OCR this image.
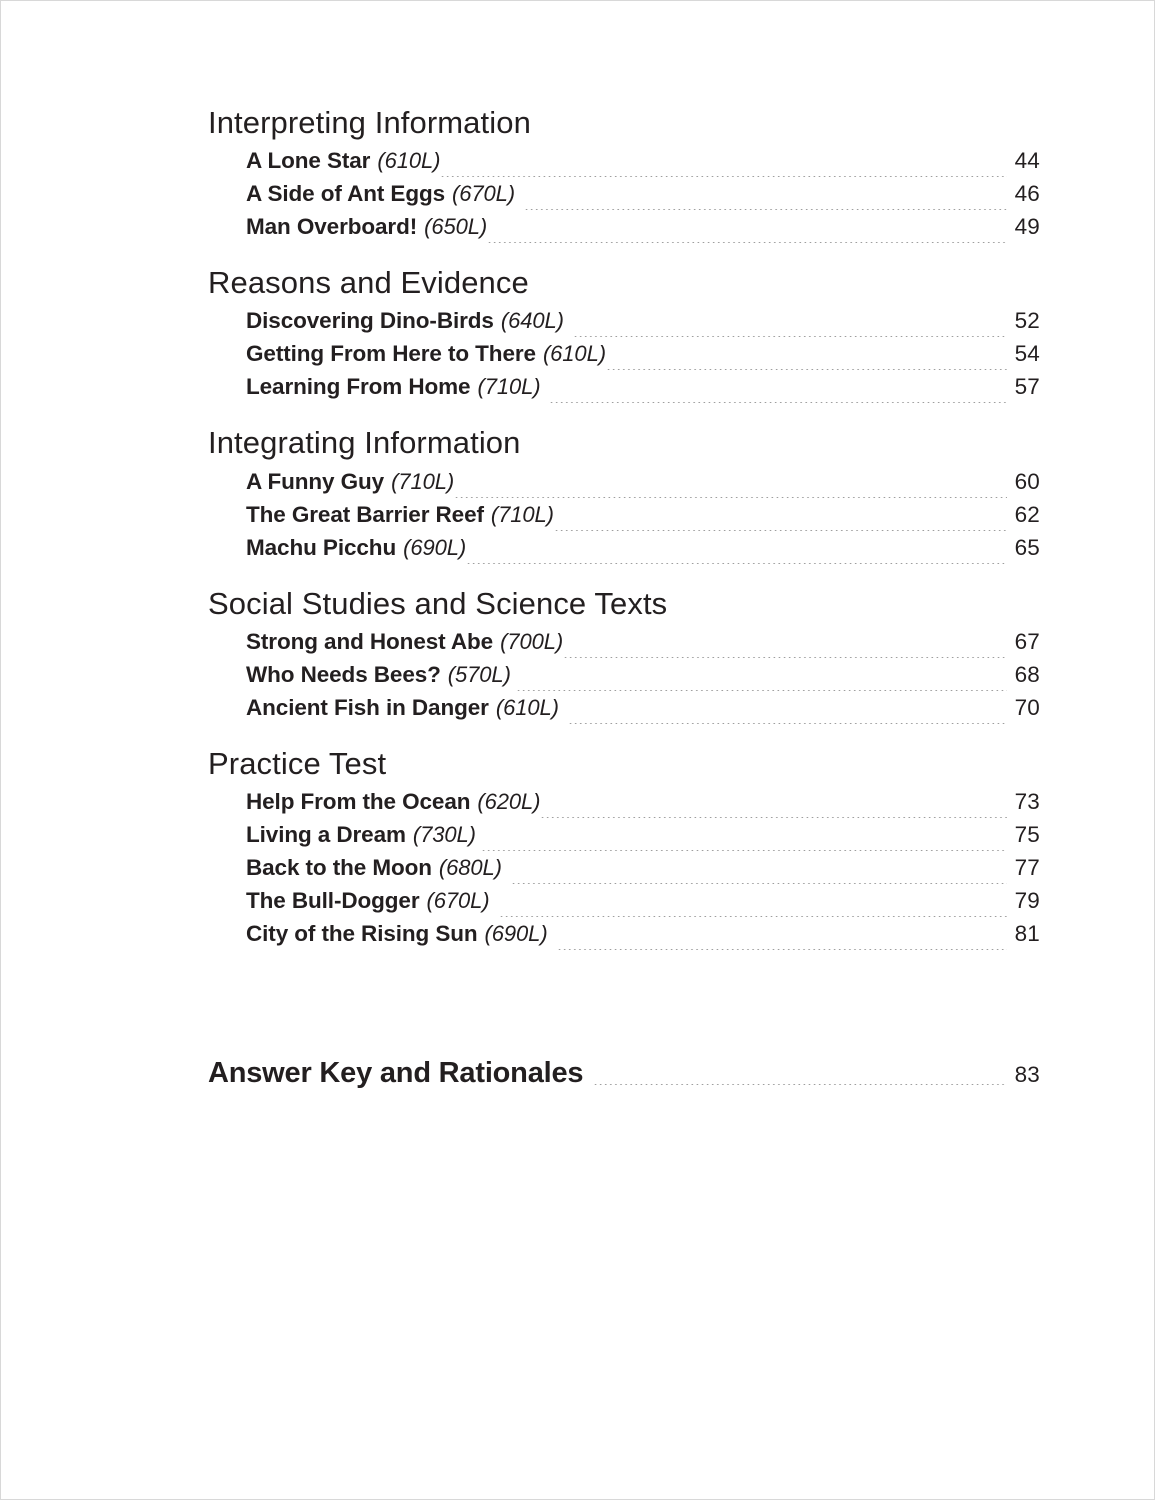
Interpreting Information
A Lone Star (610L)	44
A Side of Ant Eggs (670L)	46
Man Overboard! (650L)	49
Reasons and Evidence
Discovering Dino-Birds (640L)	52
Getting From Here to There (610L)	54
Learning From Home (710L)	57
Integrating Information
A Funny Guy (710L)	60
The Great Barrier Reef (710L)	62
Machu Picchu (690L)	65
Social Studies and Science Texts
Strong and Honest Abe (700L)	67
Who Needs Bees? (570L)	68
Ancient Fish in Danger (610L)	70
Practice Test
Help From the Ocean (620L)	73
Living a Dream (730L)	75
Back to the Moon (680L)	77
The Bull-Dogger (670L)	79
City of the Rising Sun (690L)	81
Answer Key and Rationales	83
